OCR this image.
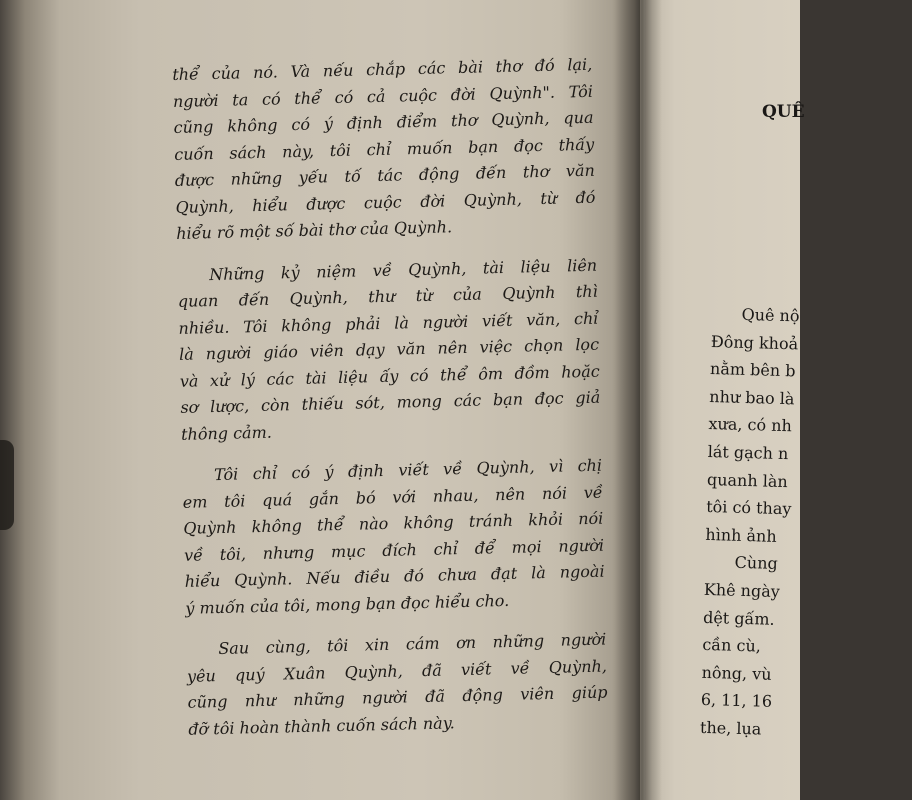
thể của nó. Và nếu chắp các bài thơ đó lại,
người ta có thể có cả cuộc đời Quỳnh". Tôi
cũng không có ý định điểm thơ Quỳnh, qua
cuốn sách này, tôi chỉ muốn bạn đọc thấy
được những yếu tố tác động đến thơ văn
Quỳnh, hiểu được cuộc đời Quỳnh, từ đó
hiểu rõ một số bài thơ của Quỳnh.

Những kỷ niệm về Quỳnh, tài liệu liên
quan đến Quỳnh, thư từ của Quỳnh thì
nhiều. Tôi không phải là người viết văn, chỉ
là người giáo viên dạy văn nên việc chọn lọc
và xử lý các tài liệu ấy có thể ôm đồm hoặc
sơ lược, còn thiếu sót, mong các bạn đọc giả
thông cảm.

Tôi chỉ có ý định viết về Quỳnh, vì chị
em tôi quá gắn bó với nhau, nên nói về
Quỳnh không thể nào không tránh khỏi nói
về tôi, nhưng mục đích chỉ để mọi người
hiểu Quỳnh. Nếu điều đó chưa đạt là ngoài
ý muốn của tôi, mong bạn đọc hiểu cho.

Sau cùng, tôi xin cám ơn những người
yêu quý Xuân Quỳnh, đã viết về Quỳnh,
cũng như những người đã động viên giúp
đỡ tôi hoàn thành cuốn sách này.

QUÊ
Quê nộ
Đông khoả
nằm bên b
như bao là
xưa, có nh
lát gạch n
quanh làn
tôi có thay
hình ảnh
Cùng
Khê ngày
dệt gấm.
cần cù,
nông, vù
6, 11, 16
the, lụa
